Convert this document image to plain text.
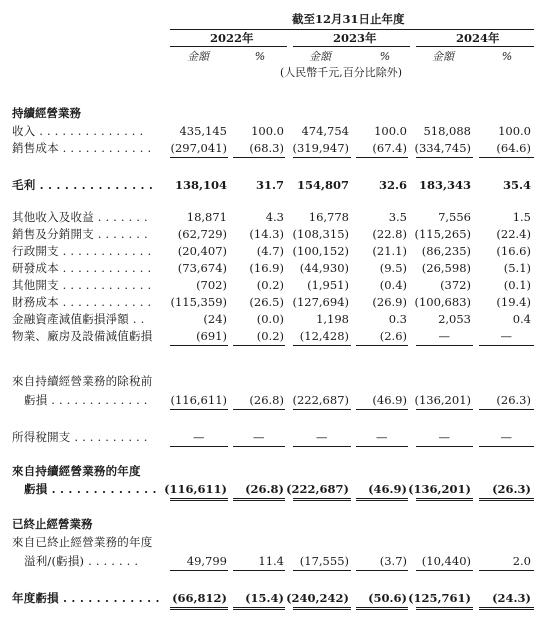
截至12月31日止年度
2022年	2023年	2024年
金額	%	金額	%	金額	%
(人民幣千元,百分比除外)
持續經營業務
已終止經營業務
收入 . . . . . . . . . . . . . .	435,145 100.0 474,754 100.0 518,088 100.0
銷售成本 . . . . . . . . . . . . (297,041) (68.3) (319,947) (67.4) (334,745) (64.6)
毛利 . . . . . . . . . . . . . . 138,104	31.7 154,807	32.6 183,343	35.4
其他收入及收益 . . . . . . .	18,871	4.3 16,778	3.5	7,556	1.5
銷售及分銷開支 . . . . . . .	(62,729) (14.3) (108,315) (22.8) (115,265) (22.4)
行政開支 . . . . . . . . . . . . (20,407)	(4.7) (100,152) (21.1) (86,235) (16.6)
研發成本 . . . . . . . . . . . . (73,674) (16.9) (44,930)	(9.5) (26,598)	(5.1)
其他開支 . . . . . . . . . . . .	(702)	(0.2) (1,951)	(0.4)	(372)	(0.1)
財務成本 . . . . . . . . . . . . (115,359) (26.5) (127,694) (26.9) (100,683) (19.4)
金融資產減值虧損淨額 . .	(24)	(0.0)	1,198	0.3	2,053	0.4
物業、廠房及設備減值虧損	(691)	(0.2) (12,428)	(2.6)	—	—
來自持續經營業務的除稅前
虧損 . . . . . . . . . . . . . (116,611) (26.8) (222,687) (46.9) (136,201) (26.3)
所得稅開支 . . . . . . . . . .	—	—	—	—	—	—
來自持續經營業務的年度
虧損 . . . . . . . . . . . . . (116,611) (26.8) (222,687) (46.9) (136,201) (26.3)
來自已終止經營業務的年度
溢利/(虧損) . . . . . . .	49,799	11.4 (17,555)	(3.7) (10,440)	2.0
年度虧損 . . . . . . . . . . . . (66,812) (15.4) (240,242) (50.6) (125,761) (24.3)
